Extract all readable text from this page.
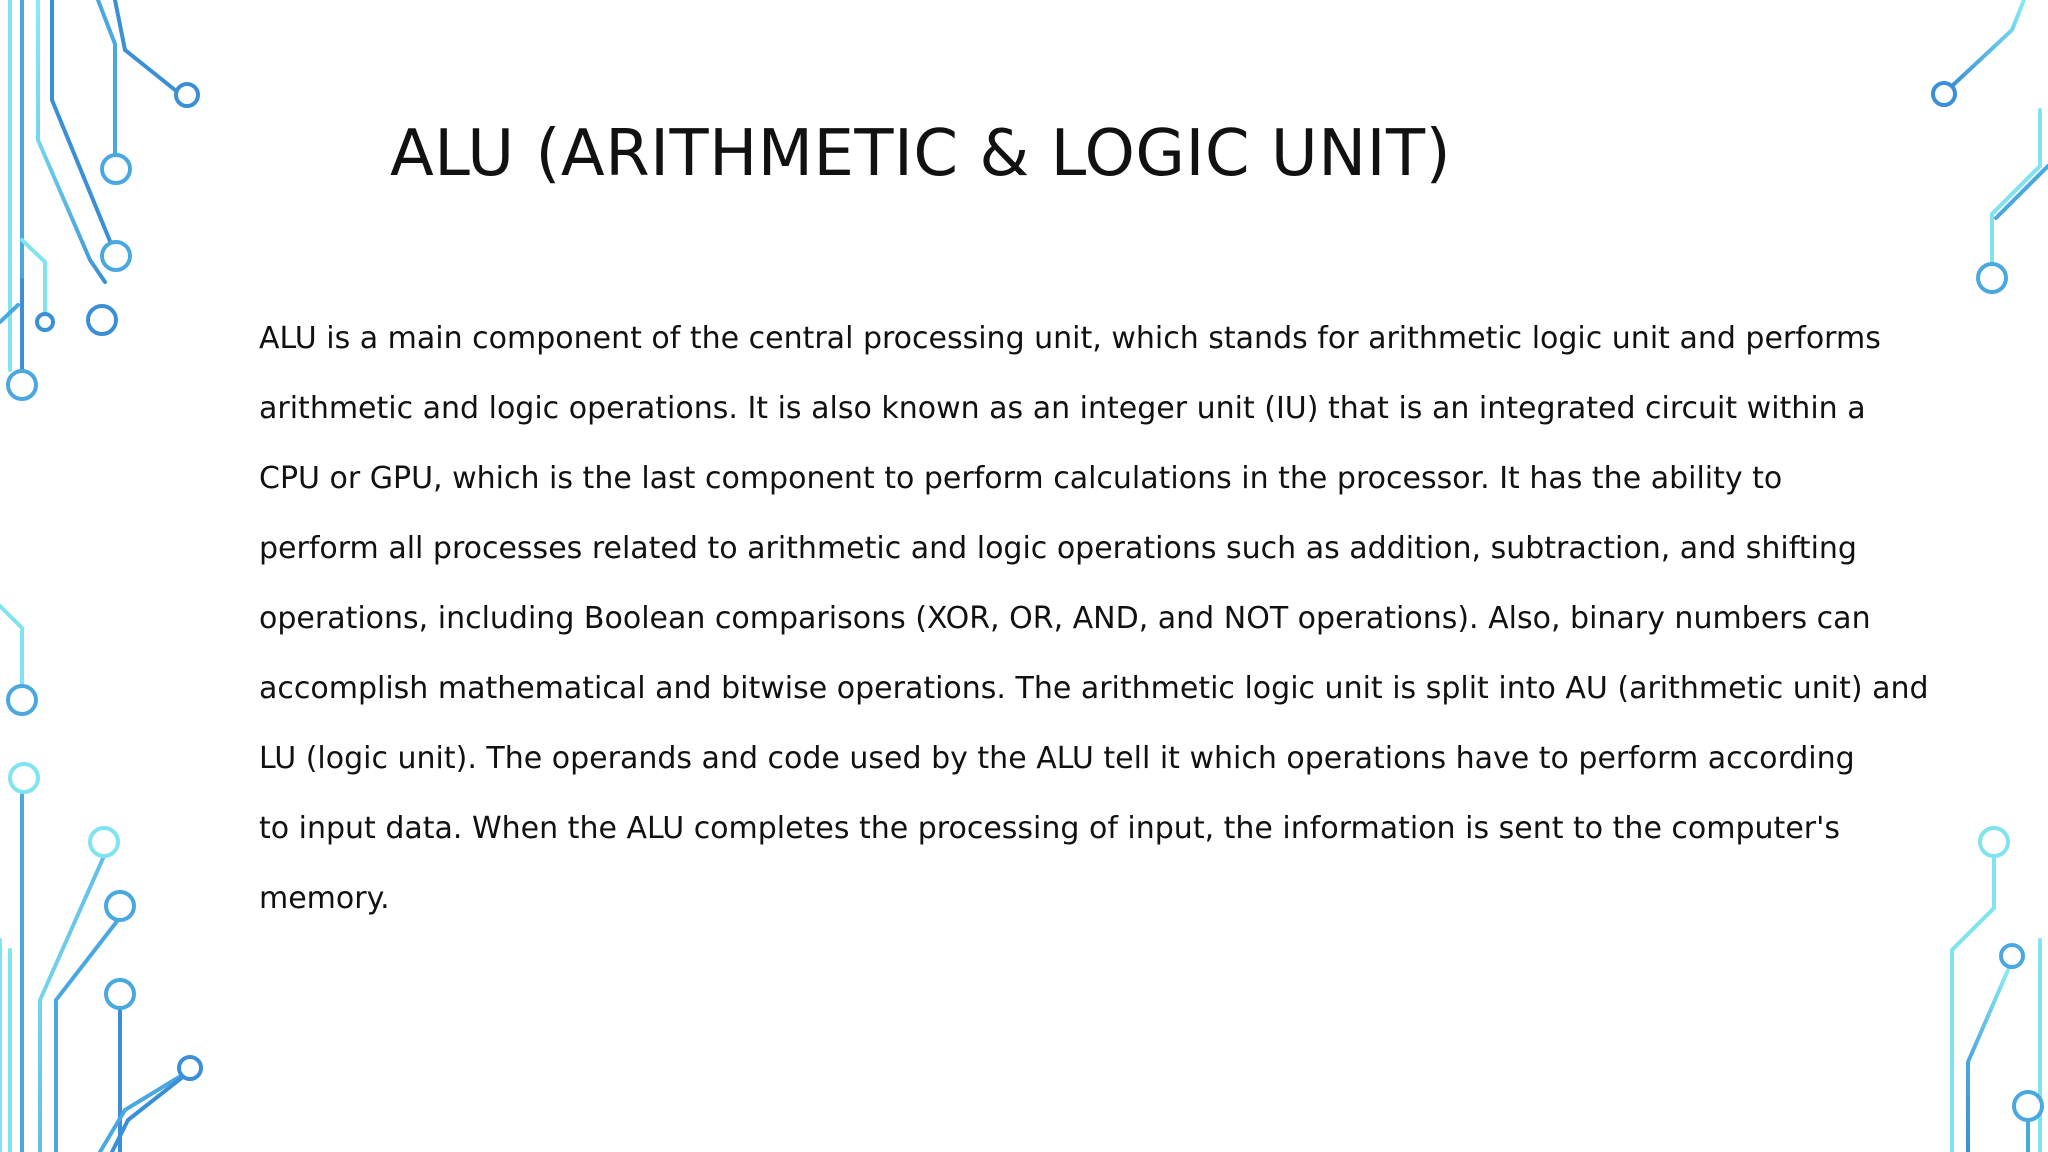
ALU (ARITHMETIC & LOGIC UNIT)
ALU is a main component of the central processing unit, which stands for arithmetic logic unit and performs
arithmetic and logic operations. It is also known as an integer unit (IU) that is an integrated circuit within a
CPU or GPU, which is the last component to perform calculations in the processor. It has the ability to
perform all processes related to arithmetic and logic operations such as addition, subtraction, and shifting
operations, including Boolean comparisons (XOR, OR, AND, and NOT operations). Also, binary numbers can
accomplish mathematical and bitwise operations. The arithmetic logic unit is split into AU (arithmetic unit) and
LU (logic unit). The operands and code used by the ALU tell it which operations have to perform according
to input data. When the ALU completes the processing of input, the information is sent to the computer's
memory.
